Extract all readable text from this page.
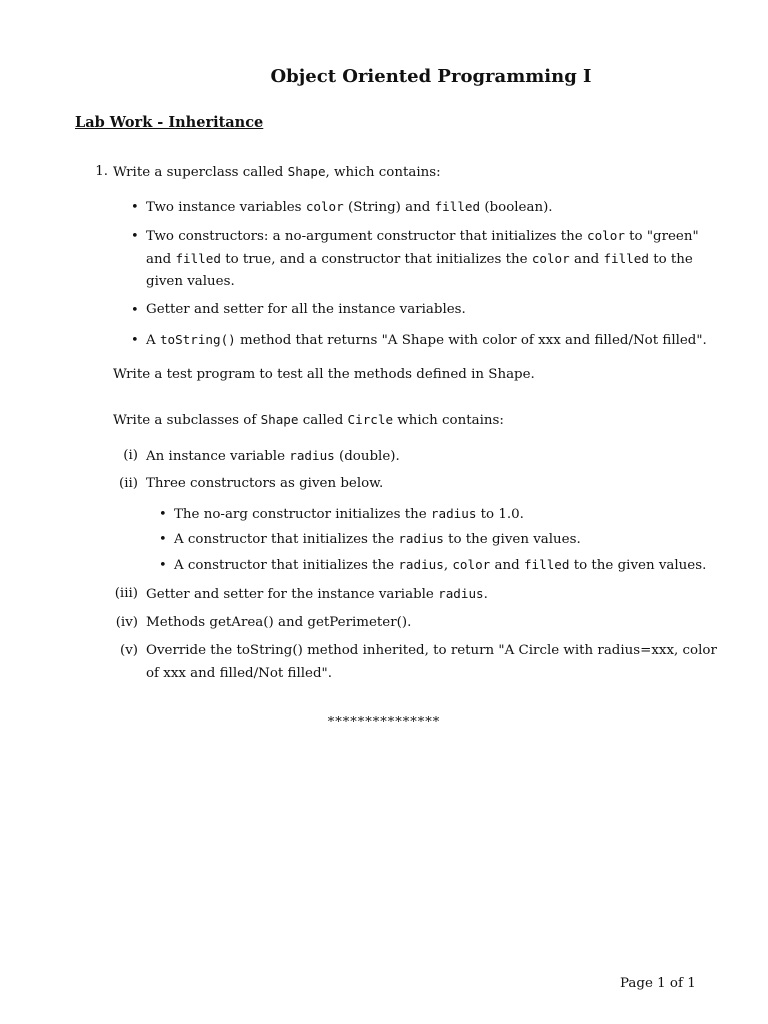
Object Oriented Programming I
Lab Work - Inheritance
1. Write a superclass called Shape, which contains:
• Two instance variables color (String) and filled (boolean).
• Two constructors: a no-argument constructor that initializes the color to "green"
and filled to true, and a constructor that initializes the color and filled to the
given values.
• Getter and setter for all the instance variables.
• A toString() method that returns "A Shape with color of xxx and filled/Not filled".
Write a test program to test all the methods defined in Shape.
Write a subclasses of Shape called Circle which contains:
(i) An instance variable radius (double).
(ii) Three constructors as given below.
• The no-arg constructor initializes the radius to 1.0.
• A constructor that initializes the radius to the given values.
• A constructor that initializes the radius, color and filled to the given values.
(iii) Getter and setter for the instance variable radius.
(iv) Methods getArea() and getPerimeter().
(v) Override the toString() method inherited, to return "A Circle with radius=xxx, color
of xxx and filled/Not filled".
***************
Page 1 of 1
